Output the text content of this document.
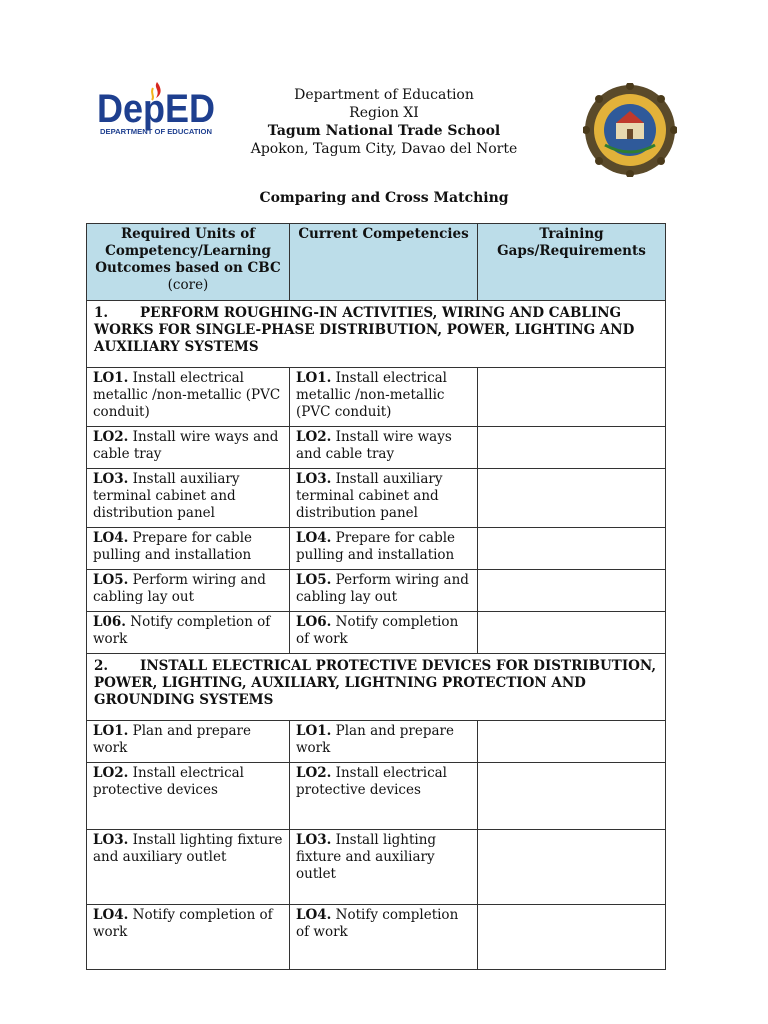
DepED
DEPARTMENT OF EDUCATION
Department of Education
Region XI
Tagum National Trade School
Apokon, Tagum City, Davao del Norte
Comparing and Cross Matching
Required Units of Competency/Learning Outcomes based on CBC (core)	Current Competencies	Training Gaps/Requirements
1. PERFORM ROUGHING-IN ACTIVITIES, WIRING AND CABLING WORKS FOR SINGLE-PHASE DISTRIBUTION, POWER, LIGHTING AND AUXILIARY SYSTEMS		
LO1. Install electrical metallic /non-metallic (PVC conduit)	LO1. Install electrical metallic /non-metallic (PVC conduit)	
LO2. Install wire ways and cable tray	LO2. Install wire ways and cable tray	
LO3. Install auxiliary terminal cabinet and distribution panel	LO3. Install auxiliary terminal cabinet and distribution panel	
LO4. Prepare for cable pulling and installation	LO4. Prepare for cable pulling and installation	
LO5. Perform wiring and cabling lay out	LO5. Perform wiring and cabling lay out	
L06. Notify completion of work	LO6. Notify completion of work	
2. INSTALL ELECTRICAL PROTECTIVE DEVICES FOR DISTRIBUTION, POWER, LIGHTING, AUXILIARY, LIGHTNING PROTECTION AND GROUNDING SYSTEMS		
LO1. Plan and prepare work	LO1. Plan and prepare work	
LO2. Install electrical protective devices	LO2. Install electrical protective devices	
LO3. Install lighting fixture and auxiliary outlet	LO3. Install lighting fixture and auxiliary outlet	
LO4. Notify completion of work	LO4. Notify completion of work	
